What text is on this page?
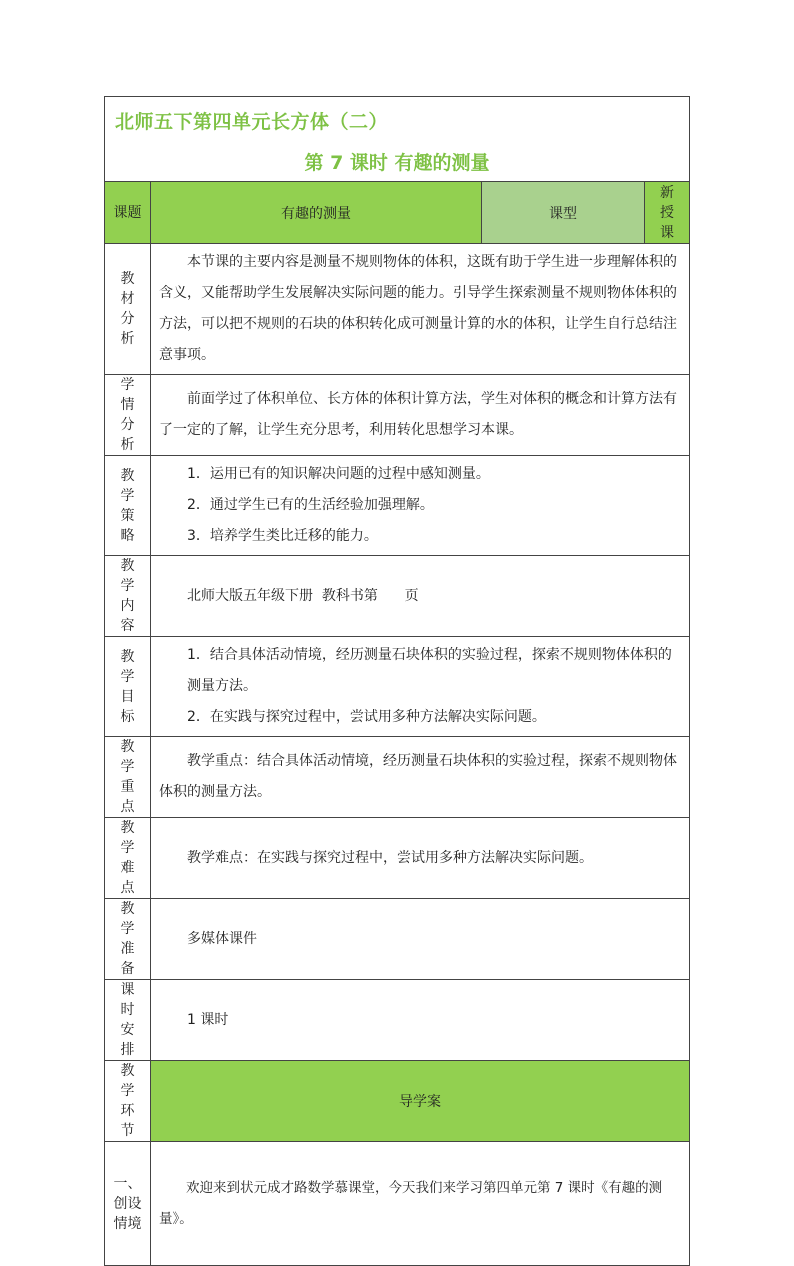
北师五下第四单元长方体（二）
第 7 课时 有趣的测量			

课题	有趣的测量	课型	新授课
教材分析	本节课的主要内容是测量不规则物体的体积，这既有助于学生进一步理解体积的含义，又能帮助学生发展解决实际问题的能力。引导学生探索测量不规则物体体积的方法，可以把不规则的石块的体积转化成可测量计算的水的体积，让学生自行总结注意事项。		
学情分析	前面学过了体积单位、长方体的体积计算方法，学生对体积的概念和计算方法有了一定的了解，让学生充分思考，利用转化思想学习本课。		
教学策略	1．运用已有的知识解决问题的过程中感知测量。

2．通过学生已有的生活经验加强理解。

3．培养学生类比迁移的能力。		

教学内容	北师大版五年级下册  教科书第      页		
教学目标	1．结合具体活动情境，经历测量石块体积的实验过程，探索不规则物体体积的测量方法。

2．在实践与探究过程中，尝试用多种方法解决实际问题。		

教学重点	教学重点：结合具体活动情境，经历测量石块体积的实验过程，探索不规则物体体积的测量方法。		
教学难点	教学难点：在实践与探究过程中，尝试用多种方法解决实际问题。		
教学准备	多媒体课件		
课时安排	1 课时		
教学环节	导学案		
一、创设情境	欢迎来到状元成才路数学慕课堂，今天我们来学习第四单元第 7 课时《有趣的测量》。		
